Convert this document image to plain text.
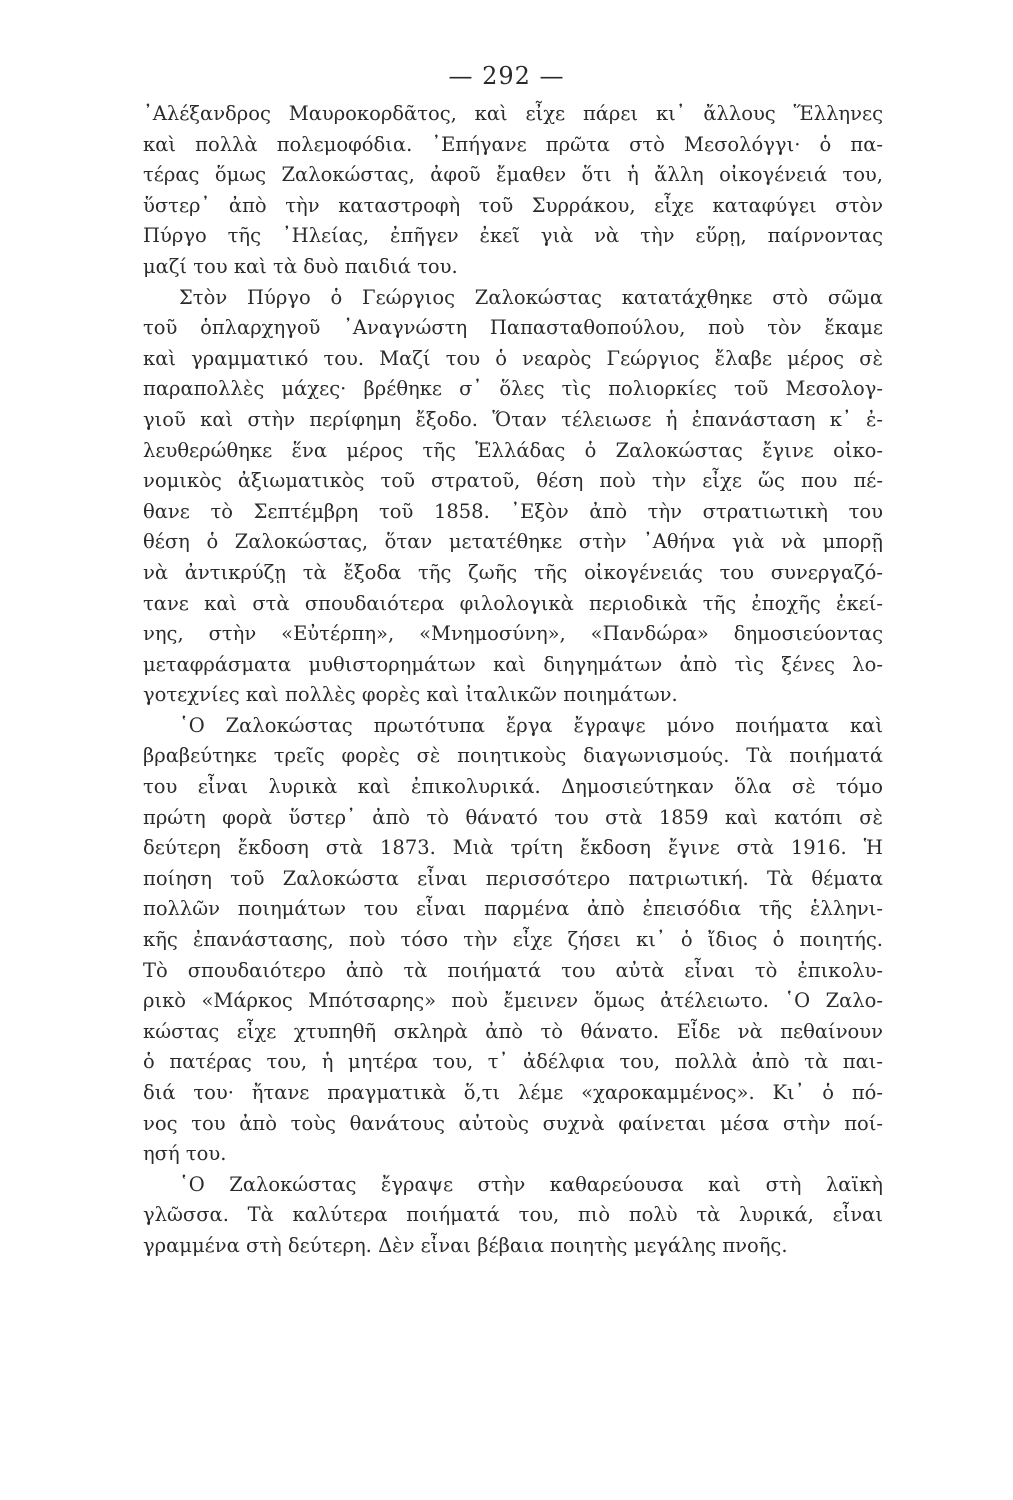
— 292 —
᾿Αλέξανδρος Μαυροκορδᾶτος, καὶ εἶχε πάρει κι᾿ ἄλλους Ἕλληνες
καὶ πολλὰ πολεμοφόδια. ᾿Επήγανε πρῶτα στὸ Μεσολόγγι· ὁ πα-
τέρας ὅμως Ζαλοκώστας, ἀφοῦ ἔμαθεν ὅτι ἡ ἄλλη οἰκογένειά του,
ὕστερ᾿ ἀπὸ τὴν καταστροφὴ τοῦ Συρράκου, εἶχε καταφύγει στὸν
Πύργο τῆς ᾿Ηλείας, ἐπῆγεν ἐκεῖ γιὰ νὰ τὴν εὕρῃ, παίρνοντας
μαζί του καὶ τὰ δυὸ παιδιά του.
Στὸν Πύργο ὁ Γεώργιος Ζαλοκώστας κατατάχθηκε στὸ σῶμα
τοῦ ὁπλαρχηγοῦ ᾿Αναγνώστη Παπασταθοπούλου, ποὺ τὸν ἔκαμε
καὶ γραμματικό του. Μαζί του ὁ νεαρὸς Γεώργιος ἔλαβε μέρος σὲ
παραπολλὲς μάχες· βρέθηκε σ᾿ ὅλες τὶς πολιορκίες τοῦ Μεσολογ-
γιοῦ καὶ στὴν περίφημη ἔξοδο. Ὅταν τέλειωσε ἡ ἐπανάσταση κ᾿ ἐ-
λευθερώθηκε ἕνα μέρος τῆς Ἑλλάδας ὁ Ζαλοκώστας ἔγινε οἰκο-
νομικὸς ἀξιωματικὸς τοῦ στρατοῦ, θέση ποὺ τὴν εἶχε ὥς που πέ-
θανε τὸ Σεπτέμβρη τοῦ 1858. ᾿Εξὸν ἀπὸ τὴν στρατιωτικὴ του
θέση ὁ Ζαλοκώστας, ὅταν μετατέθηκε στὴν ᾿Αθήνα γιὰ νὰ μπορῇ
νὰ ἀντικρύζῃ τὰ ἔξοδα τῆς ζωῆς τῆς οἰκογένειάς του συνεργαζό-
τανε καὶ στὰ σπουδαιότερα φιλολογικὰ περιοδικὰ τῆς ἐποχῆς ἐκεί-
νης, στὴν «Εὐτέρπη», «Μνημοσύνη», «Πανδώρα» δημοσιεύοντας
μεταφράσματα μυθιστορημάτων καὶ διηγημάτων ἀπὸ τὶς ξένες λο-
γοτεχνίες καὶ πολλὲς φορὲς καὶ ἰταλικῶν ποιημάτων.
῾Ο Ζαλοκώστας πρωτότυπα ἔργα ἔγραψε μόνο ποιήματα καὶ
βραβεύτηκε τρεῖς φορὲς σὲ ποιητικοὺς διαγωνισμούς. Τὰ ποιήματά
του εἶναι λυρικὰ καὶ ἐπικολυρικά. Δημοσιεύτηκαν ὅλα σὲ τόμο
πρώτη φορὰ ὕστερ᾿ ἀπὸ τὸ θάνατό του στὰ 1859 καὶ κατόπι σὲ
δεύτερη ἔκδοση στὰ 1873. Μιὰ τρίτη ἔκδοση ἔγινε στὰ 1916. Ἡ
ποίηση τοῦ Ζαλοκώστα εἶναι περισσότερο πατριωτική. Τὰ θέματα
πολλῶν ποιημάτων του εἶναι παρμένα ἀπὸ ἐπεισόδια τῆς ἑλληνι-
κῆς ἐπανάστασης, ποὺ τόσο τὴν εἶχε ζήσει κι᾿ ὁ ἴδιος ὁ ποιητής.
Τὸ σπουδαιότερο ἀπὸ τὰ ποιήματά του αὐτὰ εἶναι τὸ ἐπικολυ-
ρικὸ «Μάρκος Μπότσαρης» ποὺ ἔμεινεν ὅμως ἀτέλειωτο. ῾Ο Ζαλο-
κώστας εἶχε χτυπηθῆ σκληρὰ ἀπὸ τὸ θάνατο. Εἶδε νὰ πεθαίνουν
ὁ πατέρας του, ἡ μητέρα του, τ᾿ ἀδέλφια του, πολλὰ ἀπὸ τὰ παι-
διά του· ἤτανε πραγματικὰ ὅ,τι λέμε «χαροκαμμένος». Κι᾿ ὁ πό-
νος του ἀπὸ τοὺς θανάτους αὐτοὺς συχνὰ φαίνεται μέσα στὴν ποί-
ησή του.
῾Ο Ζαλοκώστας ἔγραψε στὴν καθαρεύουσα καὶ στὴ λαϊκὴ
γλῶσσα. Τὰ καλύτερα ποιήματά του, πιὸ πολὺ τὰ λυρικά, εἶναι
γραμμένα στὴ δεύτερη. Δὲν εἶναι βέβαια ποιητὴς μεγάλης πνοῆς.
